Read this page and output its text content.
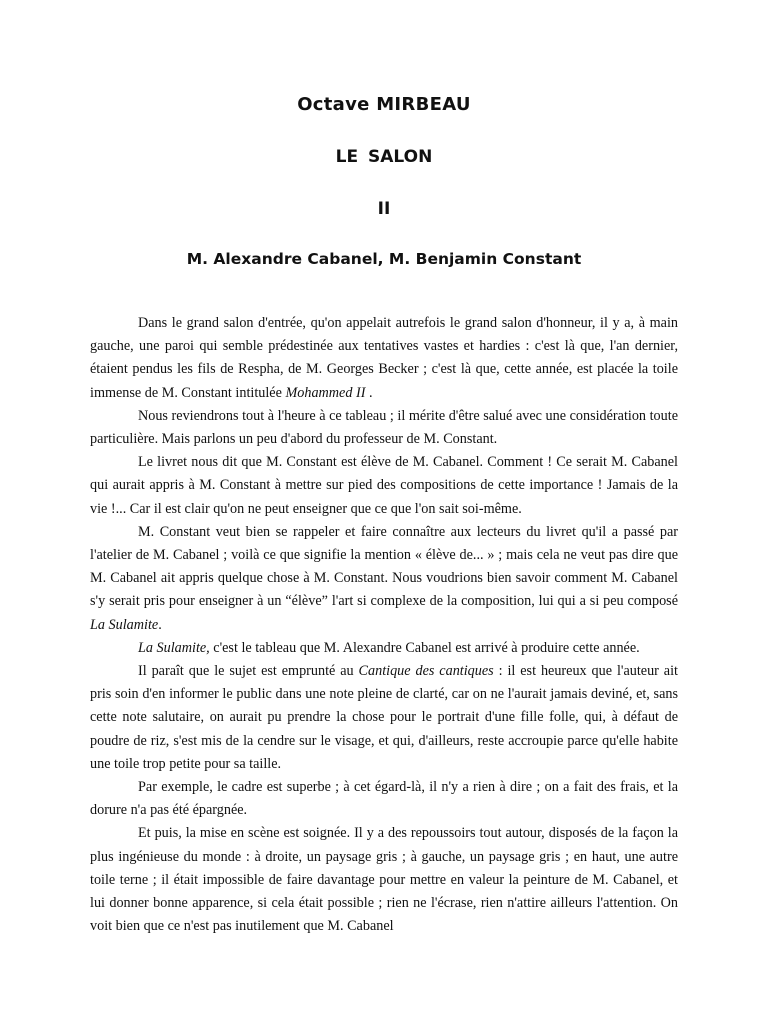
Octave MIRBEAU
LE SALON
II
M. Alexandre Cabanel, M. Benjamin Constant

Dans le grand salon d'entrée, qu'on appelait autrefois le grand salon d'honneur, il y a, à main gauche, une paroi qui semble prédestinée aux tentatives vastes et hardies : c'est là que, l'an dernier, étaient pendus les fils de Respha, de M. Georges Becker ; c'est là que, cette année, est placée la toile immense de M. Constant intitulée Mohammed II .

Nous reviendrons tout à l'heure à ce tableau ; il mérite d'être salué avec une considération toute particulière. Mais parlons un peu d'abord du professeur de M. Constant.

Le livret nous dit que M. Constant est élève de M. Cabanel. Comment ! Ce serait M. Cabanel qui aurait appris à M. Constant à mettre sur pied des compositions de cette importance ! Jamais de la vie !... Car il est clair qu'on ne peut enseigner que ce que l'on sait soi-même.

M. Constant veut bien se rappeler et faire connaître aux lecteurs du livret qu'il a passé par l'atelier de M. Cabanel ; voilà ce que signifie la mention « élève de... » ; mais cela ne veut pas dire que M. Cabanel ait appris quelque chose à M. Constant. Nous voudrions bien savoir comment M. Cabanel s'y serait pris pour enseigner à un “élève” l'art si complexe de la composition, lui qui a si peu composé La Sulamite.

La Sulamite, c'est le tableau que M. Alexandre Cabanel est arrivé à produire cette année.

Il paraît que le sujet est emprunté au Cantique des cantiques : il est heureux que l'auteur ait pris soin d'en informer le public dans une note pleine de clarté, car on ne l'aurait jamais deviné, et, sans cette note salutaire, on aurait pu prendre la chose pour le portrait d'une fille folle, qui, à défaut de poudre de riz, s'est mis de la cendre sur le visage, et qui, d'ailleurs, reste accroupie parce qu'elle habite une toile trop petite pour sa taille.

Par exemple, le cadre est superbe ; à cet égard-là, il n'y a rien à dire ; on a fait des frais, et la dorure n'a pas été épargnée.

Et puis, la mise en scène est soignée. Il y a des repoussoirs tout autour, disposés de la façon la plus ingénieuse du monde : à droite, un paysage gris ; à gauche, un paysage gris ; en haut, une autre toile terne ; il était impossible de faire davantage pour mettre en valeur la peinture de M. Cabanel, et lui donner bonne apparence, si cela était possible ; rien ne l'écrase, rien n'attire ailleurs l'attention. On voit bien que ce n'est pas inutilement que M. Cabanel
